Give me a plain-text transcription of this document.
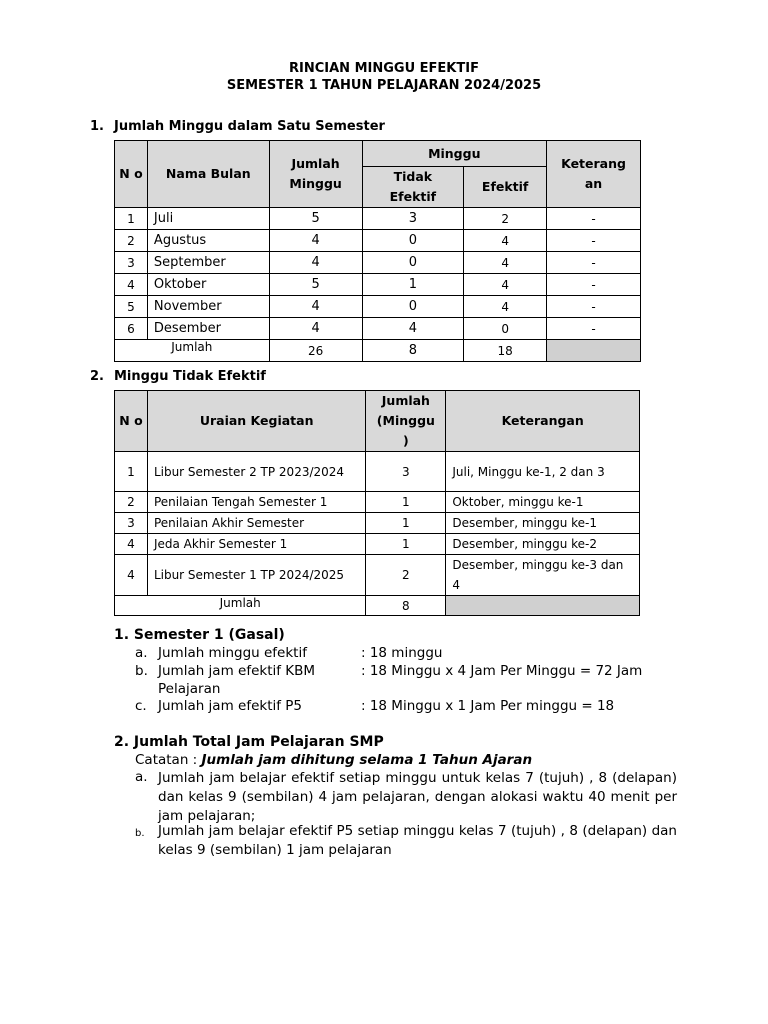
RINCIAN MINGGU EFEKTIF
SEMESTER 1 TAHUN PELAJARAN 2024/2025
1. Jumlah Minggu dalam Satu Semester
N o	Nama Bulan	Jumlah Minggu	Minggu		Keterang an
			Tidak Efektif	Efektif	
1	Juli	5	3	2	-
2	Agustus	4	0	4	-
3	September	4	0	4	-
4	Oktober	5	1	4	-
5	November	4	0	4	-
6	Desember	4	4	0	-
Jumlah		26	8	18	
2. Minggu Tidak Efektif
N o	Uraian Kegiatan	Jumlah (Minggu )	Keterangan
1	Libur Semester 2 TP 2023/2024	3	Juli, Minggu ke-1, 2 dan 3
2	Penilaian Tengah Semester 1	1	Oktober, minggu ke-1
3	Penilaian Akhir Semester	1	Desember, minggu ke-1
4	Jeda Akhir Semester 1	1	Desember, minggu ke-2
4	Libur Semester 1 TP 2024/2025	2	Desember, minggu ke-3 dan 4
Jumlah		8	
1. Semester 1 (Gasal)
a. Jumlah minggu efektif	: 18 minggu
b. Jumlah jam efektif KBM	: 18 Minggu x 4 Jam Per Minggu = 72 Jam
Pelajaran
c. Jumlah jam efektif P5	: 18 Minggu x 1 Jam Per minggu = 18
2. Jumlah Total Jam Pelajaran SMP
Catatan : Jumlah jam dihitung selama 1 Tahun Ajaran
a. Jumlah jam belajar efektif setiap minggu untuk kelas 7 (tujuh) , 8 (delapan) dan kelas 9 (sembilan) 4 jam pelajaran, dengan alokasi waktu 40 menit per jam pelajaran;
b. Jumlah jam belajar efektif P5 setiap minggu kelas 7 (tujuh) , 8 (delapan) dan kelas 9 (sembilan) 1 jam pelajaran
